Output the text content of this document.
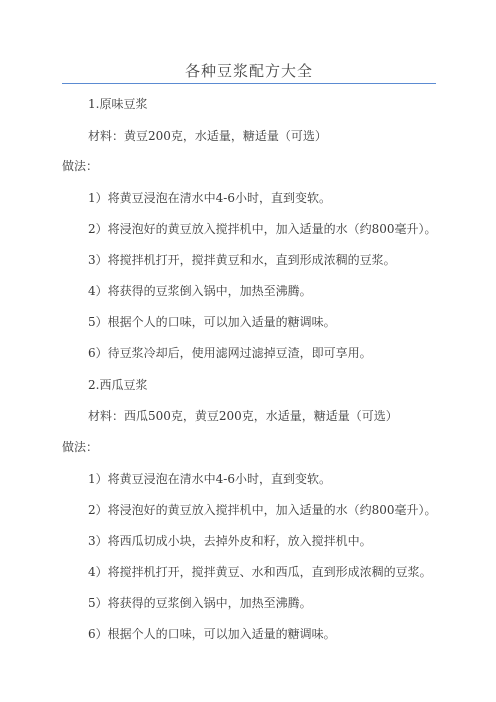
各种豆浆配方大全
1.原味豆浆
材料：黄豆200克，水适量，糖适量（可选）
做法：
1）将黄豆浸泡在清水中4-6小时，直到变软。
2）将浸泡好的黄豆放入搅拌机中，加入适量的水（约800毫升）。
3）将搅拌机打开，搅拌黄豆和水，直到形成浓稠的豆浆。
4）将获得的豆浆倒入锅中，加热至沸腾。
5）根据个人的口味，可以加入适量的糖调味。
6）待豆浆冷却后，使用滤网过滤掉豆渣，即可享用。
2.西瓜豆浆
材料：西瓜500克，黄豆200克，水适量，糖适量（可选）
做法：
1）将黄豆浸泡在清水中4-6小时，直到变软。
2）将浸泡好的黄豆放入搅拌机中，加入适量的水（约800毫升）。
3）将西瓜切成小块，去掉外皮和籽，放入搅拌机中。
4）将搅拌机打开，搅拌黄豆、水和西瓜，直到形成浓稠的豆浆。
5）将获得的豆浆倒入锅中，加热至沸腾。
6）根据个人的口味，可以加入适量的糖调味。
